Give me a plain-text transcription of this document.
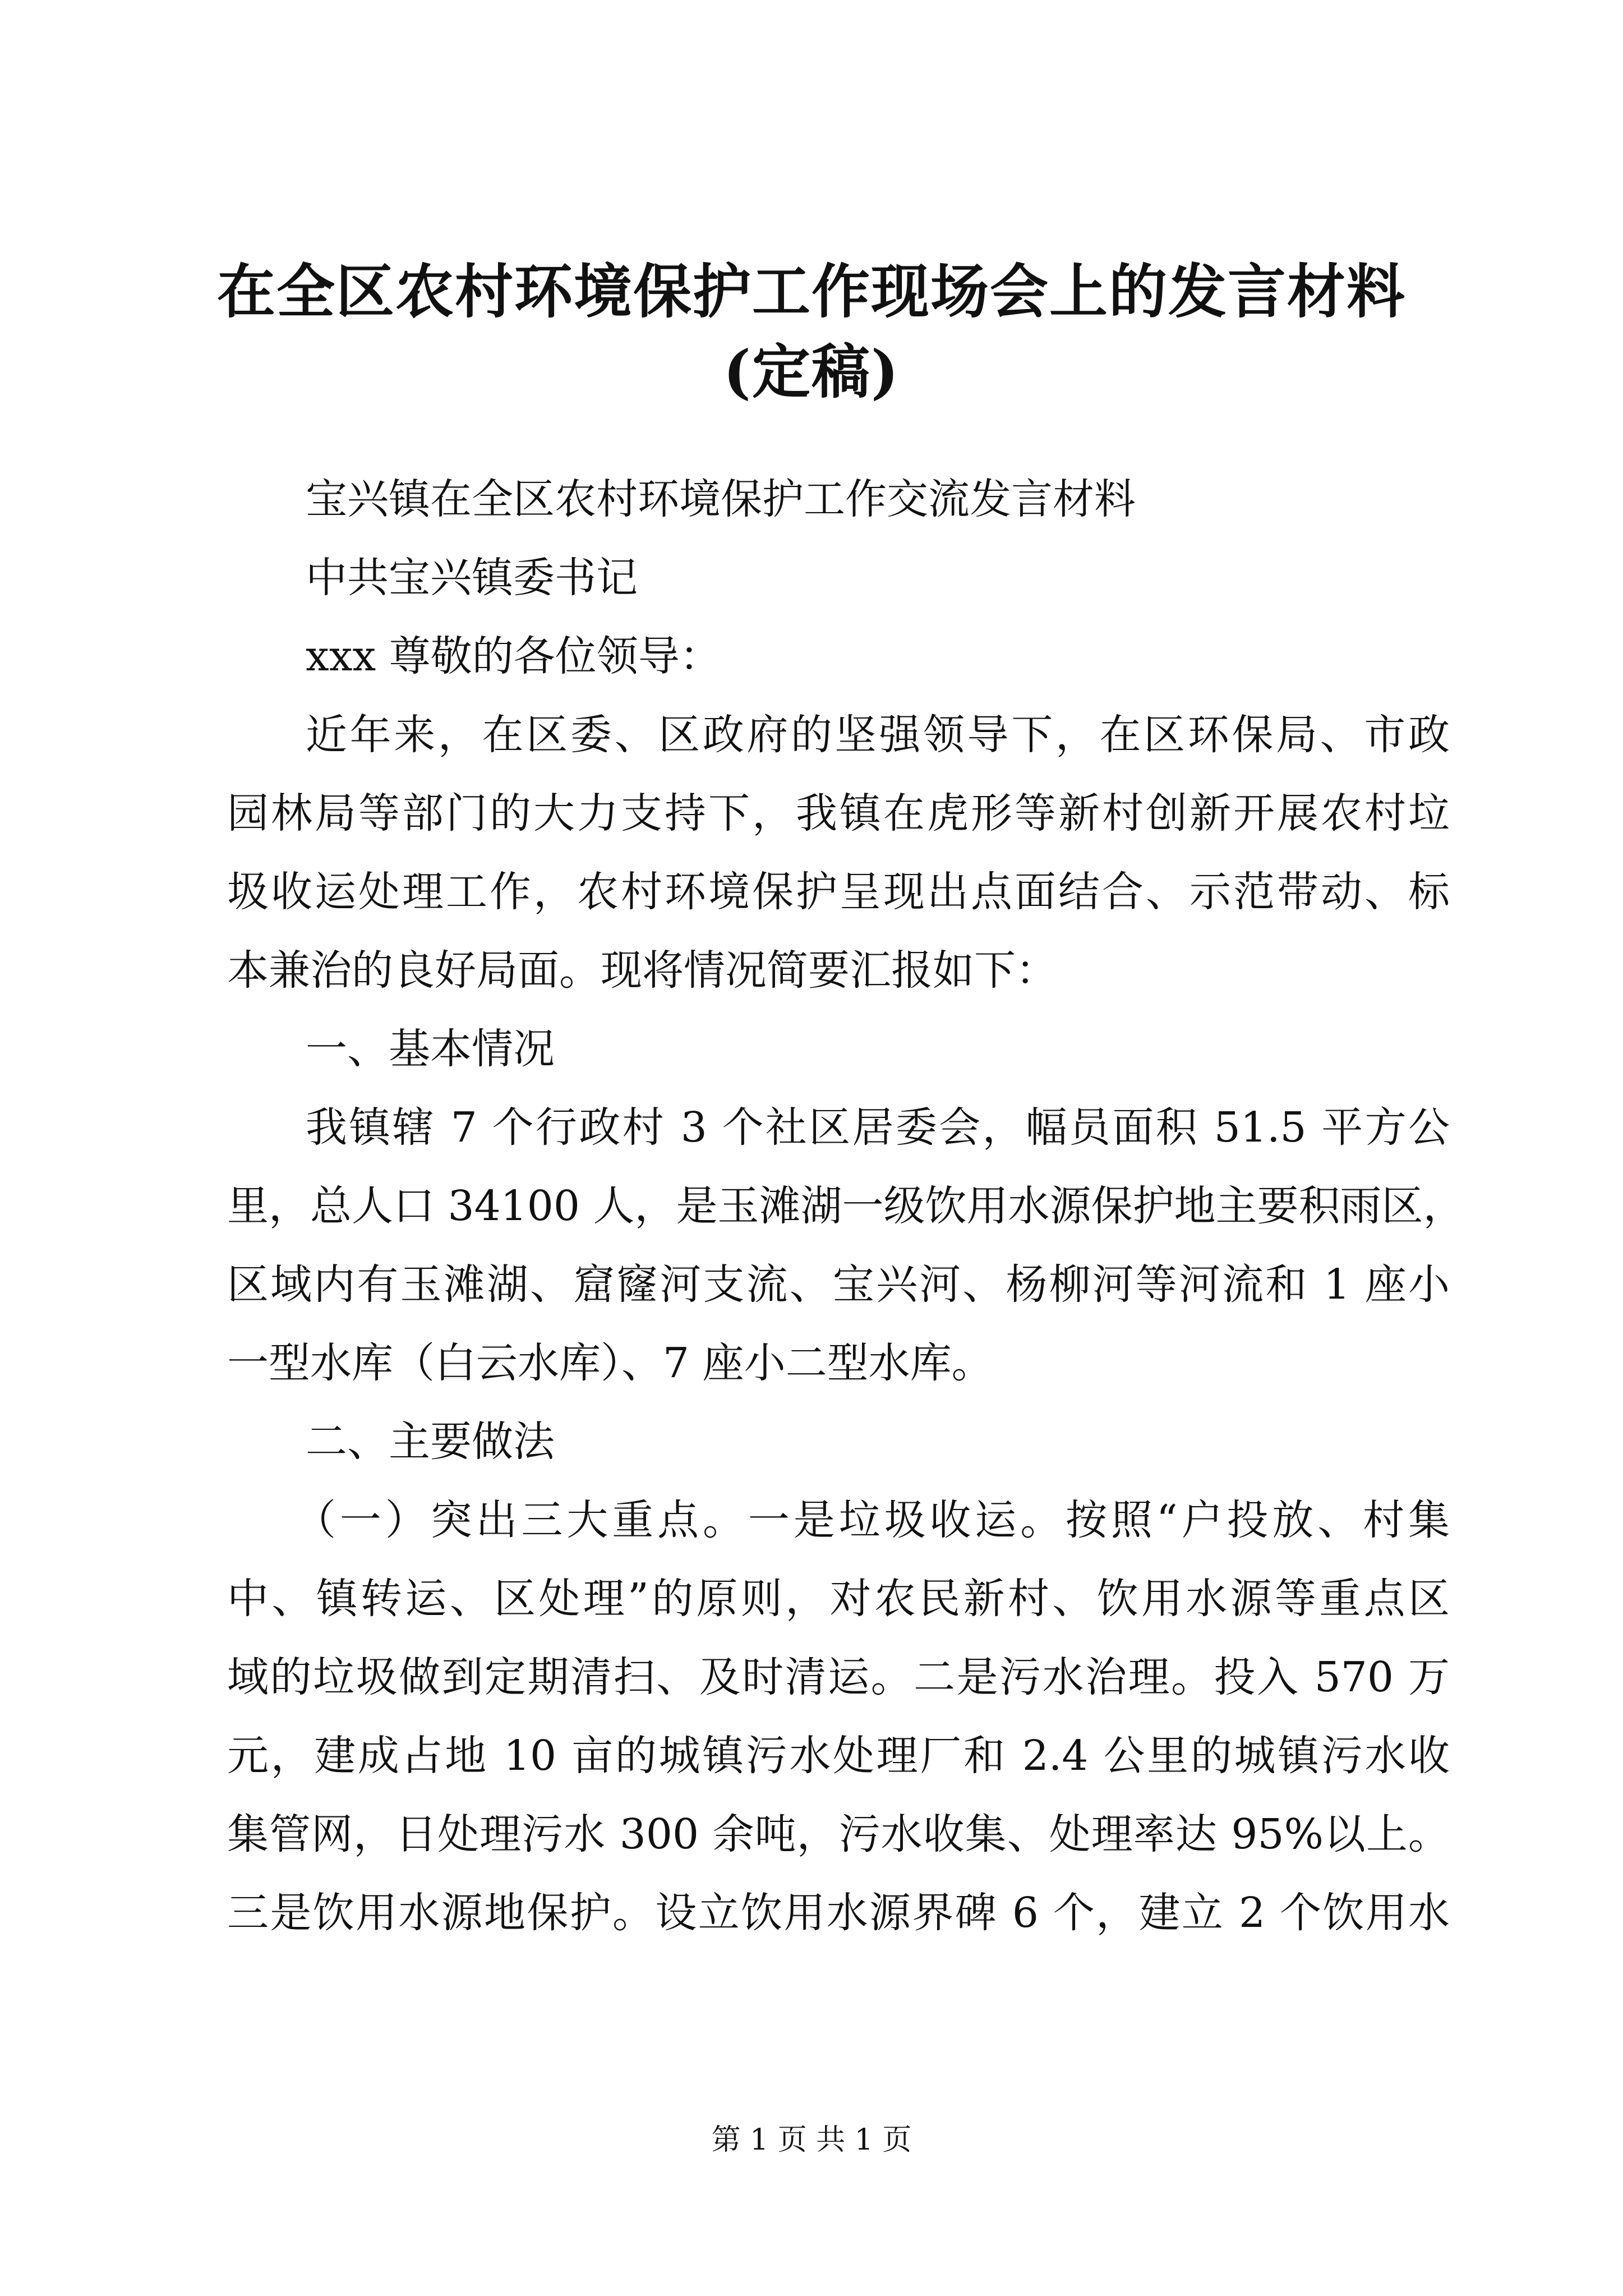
在全区农村环境保护工作现场会上的发言材料
(定稿)

宝兴镇在全区农村环境保护工作交流发言材料

中共宝兴镇委书记

xxx 尊敬的各位领导：

近年来，在区委、区政府的坚强领导下，在区环保局、市政

园林局等部门的大力支持下，我镇在虎形等新村创新开展农村垃

圾收运处理工作，农村环境保护呈现出点面结合、示范带动、标

本兼治的良好局面。现将情况简要汇报如下：

一、基本情况

我镇辖 7 个行政村 3 个社区居委会，幅员面积 51.5 平方公

里，总人口 34100 人，是玉滩湖一级饮用水源保护地主要积雨区，

区域内有玉滩湖、窟窿河支流、宝兴河、杨柳河等河流和 1 座小

一型水库（白云水库）、7 座小二型水库。

二、主要做法

（一）突出三大重点。一是垃圾收运。按照“户投放、村集

中、镇转运、区处理”的原则，对农民新村、饮用水源等重点区

域的垃圾做到定期清扫、及时清运。二是污水治理。投入 570 万

元，建成占地 10 亩的城镇污水处理厂和 2.4 公里的城镇污水收

集管网，日处理污水 300 余吨，污水收集、处理率达 95%以上。

三是饮用水源地保护。设立饮用水源界碑 6 个，建立 2 个饮用水

第 1 页 共 1 页
